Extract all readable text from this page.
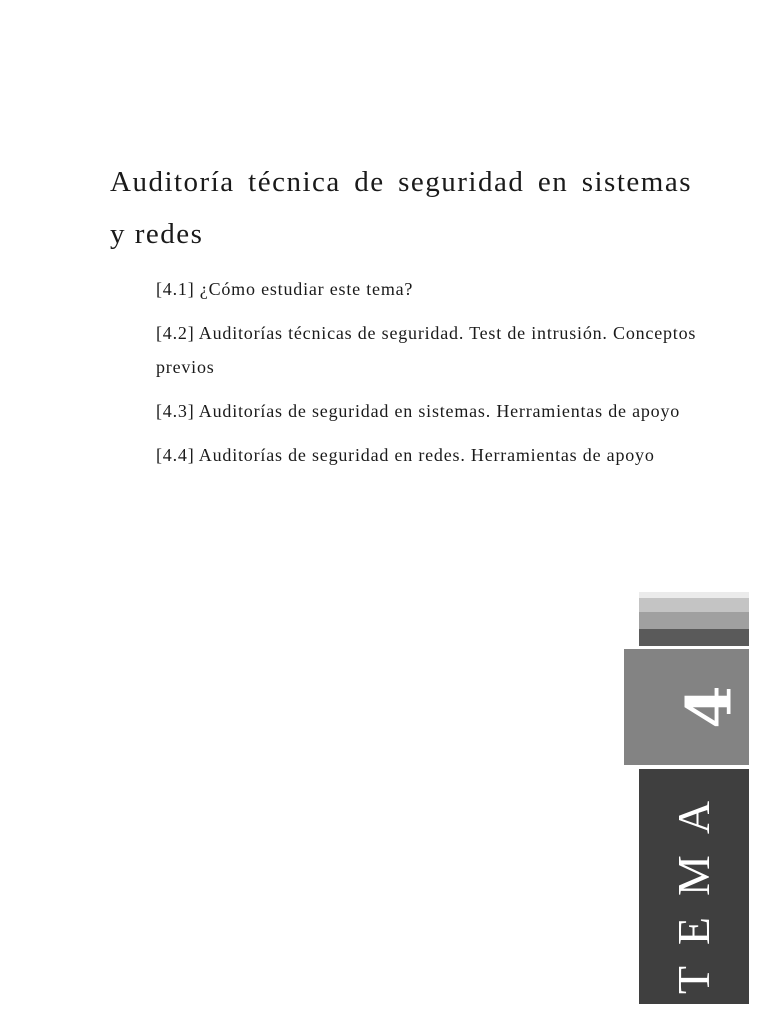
Auditoría técnica de seguridad en sistemas y redes
[4.1] ¿Cómo estudiar este tema?
[4.2] Auditorías técnicas de seguridad. Test de intrusión. Conceptos previos
[4.3] Auditorías de seguridad en sistemas. Herramientas de apoyo
[4.4] Auditorías de seguridad en redes. Herramientas de apoyo
4
TEMA
